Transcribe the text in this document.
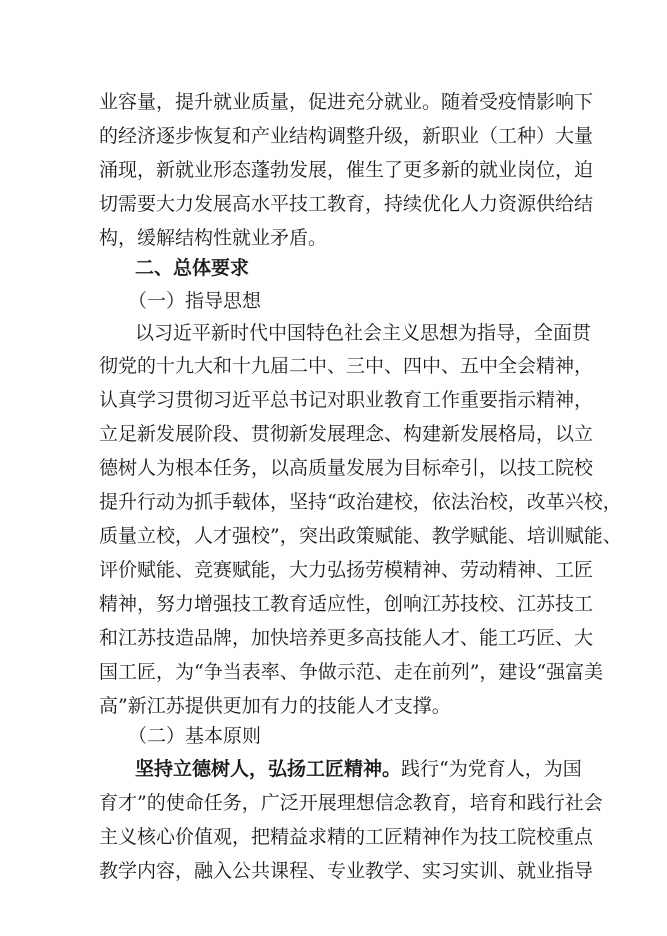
业容量，提升就业质量，促进充分就业。随着受疫情影响下
的经济逐步恢复和产业结构调整升级，新职业（工种）大量
涌现，新就业形态蓬勃发展，催生了更多新的就业岗位，迫
切需要大力发展高水平技工教育，持续优化人力资源供给结
构，缓解结构性就业矛盾。
二、总体要求
（一）指导思想
以习近平新时代中国特色社会主义思想为指导，全面贯
彻党的十九大和十九届二中、三中、四中、五中全会精神，
认真学习贯彻习近平总书记对职业教育工作重要指示精神，
立足新发展阶段、贯彻新发展理念、构建新发展格局，以立
德树人为根本任务，以高质量发展为目标牵引，以技工院校
提升行动为抓手载体，坚持“政治建校，依法治校，改革兴校，
质量立校，人才强校”，突出政策赋能、教学赋能、培训赋能、
评价赋能、竞赛赋能，大力弘扬劳模精神、劳动精神、工匠
精神，努力增强技工教育适应性，创响江苏技校、江苏技工
和江苏技造品牌，加快培养更多高技能人才、能工巧匠、大
国工匠，为“争当表率、争做示范、走在前列”，建设“强富美
高”新江苏提供更加有力的技能人才支撑。
（二）基本原则
坚持立德树人，弘扬工匠精神。践行“为党育人，为国
育才”的使命任务，广泛开展理想信念教育，培育和践行社会
主义核心价值观，把精益求精的工匠精神作为技工院校重点
教学内容，融入公共课程、专业教学、实习实训、就业指导
